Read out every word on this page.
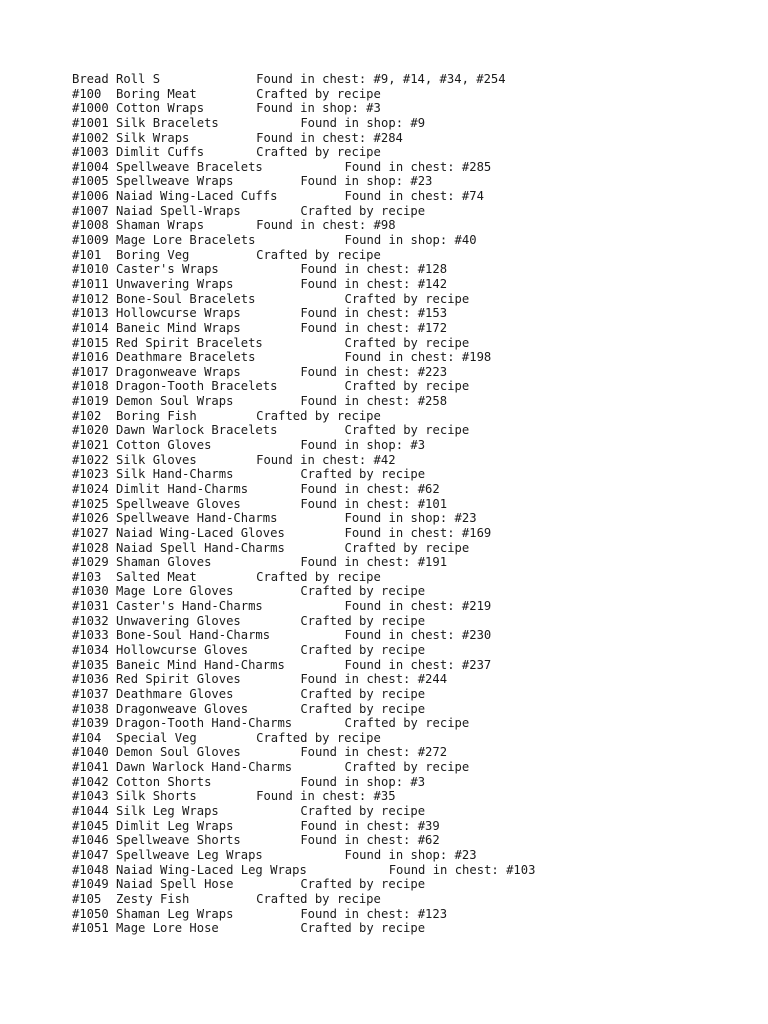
Bread Roll S	Found in chest: #9, #14, #34, #254
#100  Boring Meat	Crafted by recipe
#1000 Cotton Wraps	Found in shop: #3
#1001 Silk Bracelets	Found in shop: #9
#1002 Silk Wraps	Found in chest: #284
#1003 Dimlit Cuffs	Crafted by recipe
#1004 Spellweave Bracelets	Found in chest: #285
#1005 Spellweave Wraps	Found in shop: #23
#1006 Naiad Wing-Laced Cuffs	Found in chest: #74
#1007 Naiad Spell-Wraps	Crafted by recipe
#1008 Shaman Wraps	Found in chest: #98
#1009 Mage Lore Bracelets	Found in shop: #40
#101  Boring Veg	Crafted by recipe
#1010 Caster's Wraps	Found in chest: #128
#1011 Unwavering Wraps	Found in chest: #142
#1012 Bone-Soul Bracelets	Crafted by recipe
#1013 Hollowcurse Wraps	Found in chest: #153
#1014 Baneic Mind Wraps	Found in chest: #172
#1015 Red Spirit Bracelets	Crafted by recipe
#1016 Deathmare Bracelets	Found in chest: #198
#1017 Dragonweave Wraps	Found in chest: #223
#1018 Dragon-Tooth Bracelets	Crafted by recipe
#1019 Demon Soul Wraps	Found in chest: #258
#102  Boring Fish	Crafted by recipe
#1020 Dawn Warlock Bracelets	Crafted by recipe
#1021 Cotton Gloves	Found in shop: #3
#1022 Silk Gloves	Found in chest: #42
#1023 Silk Hand-Charms	Crafted by recipe
#1024 Dimlit Hand-Charms	Found in chest: #62
#1025 Spellweave Gloves	Found in chest: #101
#1026 Spellweave Hand-Charms	Found in shop: #23
#1027 Naiad Wing-Laced Gloves	Found in chest: #169
#1028 Naiad Spell Hand-Charms	Crafted by recipe
#1029 Shaman Gloves	Found in chest: #191
#103  Salted Meat	Crafted by recipe
#1030 Mage Lore Gloves	Crafted by recipe
#1031 Caster's Hand-Charms	Found in chest: #219
#1032 Unwavering Gloves	Crafted by recipe
#1033 Bone-Soul Hand-Charms	Found in chest: #230
#1034 Hollowcurse Gloves	Crafted by recipe
#1035 Baneic Mind Hand-Charms	Found in chest: #237
#1036 Red Spirit Gloves	Found in chest: #244
#1037 Deathmare Gloves	Crafted by recipe
#1038 Dragonweave Gloves	Crafted by recipe
#1039 Dragon-Tooth Hand-Charms	Crafted by recipe
#104  Special Veg	Crafted by recipe
#1040 Demon Soul Gloves	Found in chest: #272
#1041 Dawn Warlock Hand-Charms	Crafted by recipe
#1042 Cotton Shorts	Found in shop: #3
#1043 Silk Shorts	Found in chest: #35
#1044 Silk Leg Wraps	Crafted by recipe
#1045 Dimlit Leg Wraps	Found in chest: #39
#1046 Spellweave Shorts	Found in chest: #62
#1047 Spellweave Leg Wraps	Found in shop: #23
#1048 Naiad Wing-Laced Leg Wraps	Found in chest: #103
#1049 Naiad Spell Hose	Crafted by recipe
#105  Zesty Fish	Crafted by recipe
#1050 Shaman Leg Wraps	Found in chest: #123
#1051 Mage Lore Hose	Crafted by recipe
